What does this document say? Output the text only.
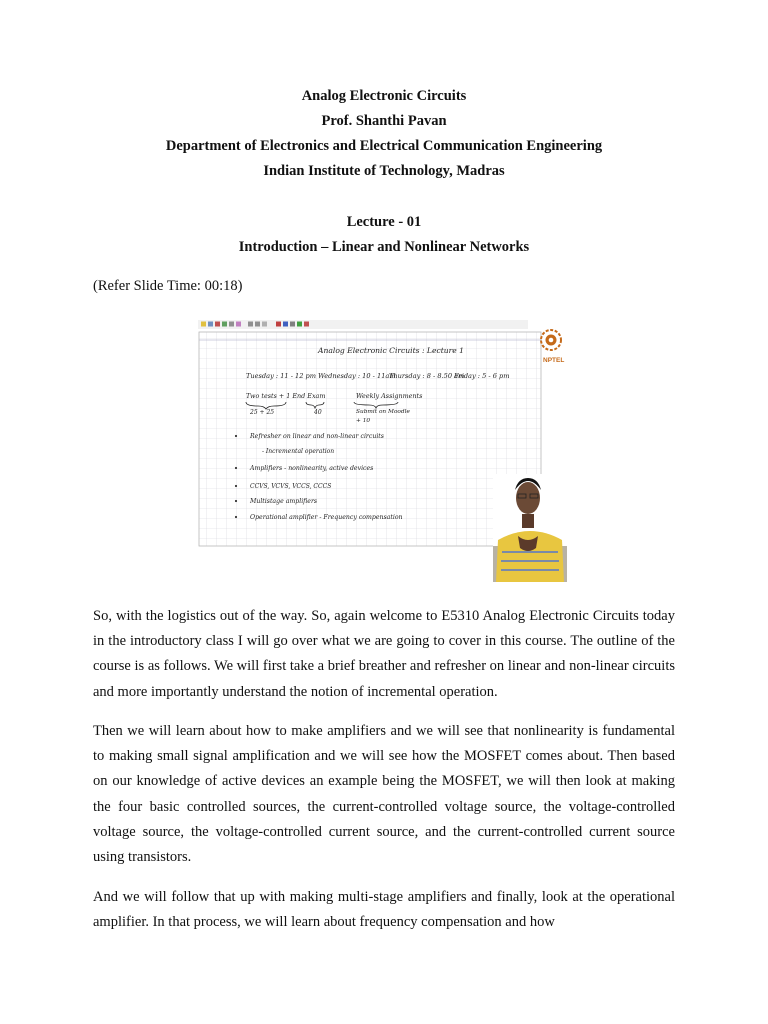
Analog Electronic Circuits
Prof. Shanthi Pavan
Department of Electronics and Electrical Communication Engineering
Indian Institute of Technology, Madras
Lecture - 01
Introduction – Linear and Nonlinear Networks
(Refer Slide Time: 00:18)
NPTEL
Analog Electronic Circuits : Lecture 1
Tuesday : 11 - 12 pm Wednesday : 10 - 11am
Thursday : 8 - 8.50 am
Friday : 5 - 6 pm
Two tests + 1 End Exam
25 + 25	40
Weekly Assignments
Submit on Moodle
+ 10
Refresher on linear and non-linear circuits
- Incremental operation
Amplifiers - nonlinearity, active devices
CCVS, VCVS, VCCS, CCCS
Multistage amplifiers
Operational amplifier - Frequency compensation

So, with the logistics out of the way. So, again welcome to E5310 Analog Electronic Circuits today in the introductory class I will go over what we are going to cover in this course. The outline of the course is as follows. We will first take a brief breather and refresher on linear and non-linear circuits and more importantly understand the notion of incremental operation.

Then we will learn about how to make amplifiers and we will see that nonlinearity is fundamental to making small signal amplification and we will see how the MOSFET comes about. Then based on our knowledge of active devices an example being the MOSFET, we will then look at making the four basic controlled sources, the current-controlled voltage source, the voltage-controlled voltage source, the voltage-controlled current source, and the current-controlled current source using transistors.

And we will follow that up with making multi-stage amplifiers and finally, look at the operational amplifier. In that process, we will learn about frequency compensation and how
